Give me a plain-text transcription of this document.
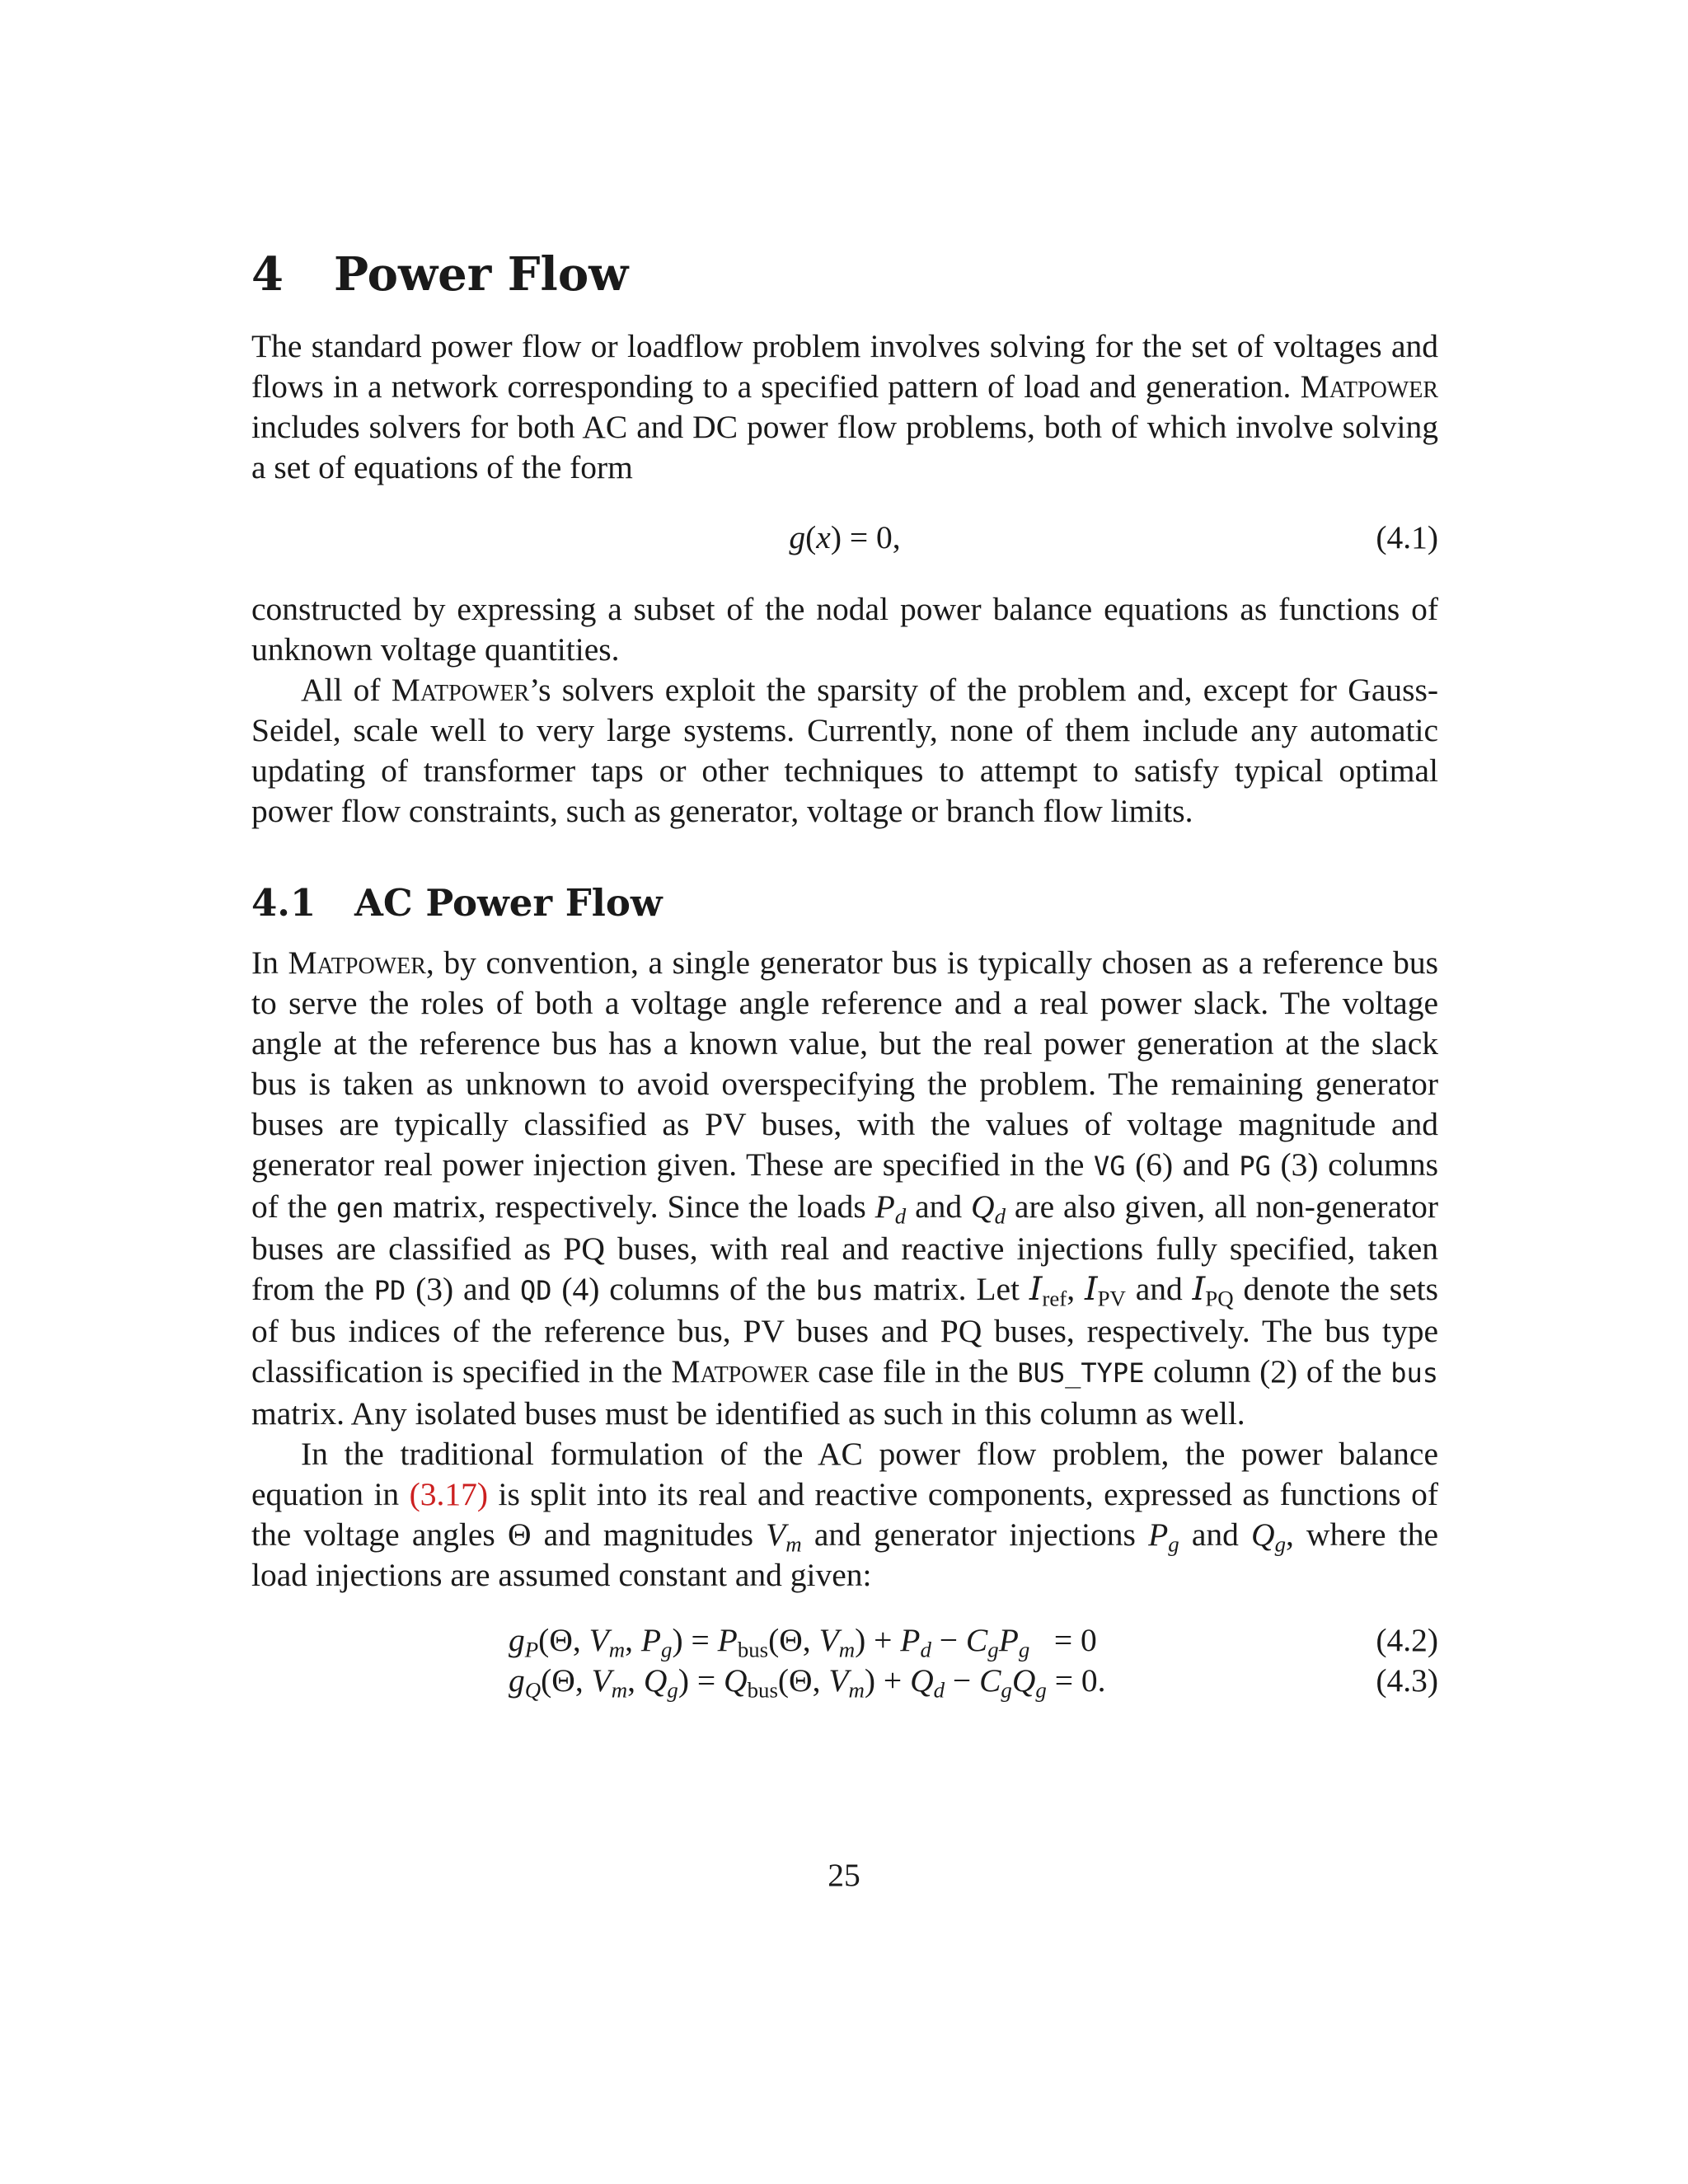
4	Power Flow

The standard power flow or loadflow problem involves solving for the set of voltages and flows in a network corresponding to a specified pattern of load and generation. Matpower includes solvers for both AC and DC power flow problems, both of which involve solving a set of equations of the form

g(x) = 0,	(4.1)

constructed by expressing a subset of the nodal power balance equations as functions of unknown voltage quantities.

All of Matpower’s solvers exploit the sparsity of the problem and, except for Gauss-Seidel, scale well to very large systems. Currently, none of them include any automatic updating of transformer taps or other techniques to attempt to satisfy typical optimal power flow constraints, such as generator, voltage or branch flow limits.

4.1	AC Power Flow

In Matpower, by convention, a single generator bus is typically chosen as a reference bus to serve the roles of both a voltage angle reference and a real power slack. The voltage angle at the reference bus has a known value, but the real power generation at the slack bus is taken as unknown to avoid overspecifying the problem. The remaining generator buses are typically classified as PV buses, with the values of voltage magnitude and generator real power injection given. These are specified in the VG (6) and PG (3) columns of the gen matrix, respectively. Since the loads $P_d$ and $Q_d$ are also given, all non-generator buses are classified as PQ buses, with real and reactive injections fully specified, taken from the PD (3) and QD (4) columns of the bus matrix. Let $I_{ref}$, $I_{PV}$ and $I_{PQ}$ denote the sets of bus indices of the reference bus, PV buses and PQ buses, respectively. The bus type classification is specified in the Matpower case file in the BUS_TYPE column (2) of the bus matrix. Any isolated buses must be identified as such in this column as well.

In the traditional formulation of the AC power flow problem, the power balance equation in (3.17) is split into its real and reactive components, expressed as functions of the voltage angles Θ and magnitudes $V_m$ and generator injections $P_g$ and $Q_g$, where the load injections are assumed constant and given:

$g_P(\Theta$, $V_m$, $P_g) = P_{bus}(\Theta$, $V_m) + P_d - C_gP_g = 0$	(4.2)
$g_Q(\Theta$, $V_m$, $Q_g) = Q_{bus}(\Theta$, $V_m) + Q_d - C_gQ_g = 0$.	(4.3)
25
